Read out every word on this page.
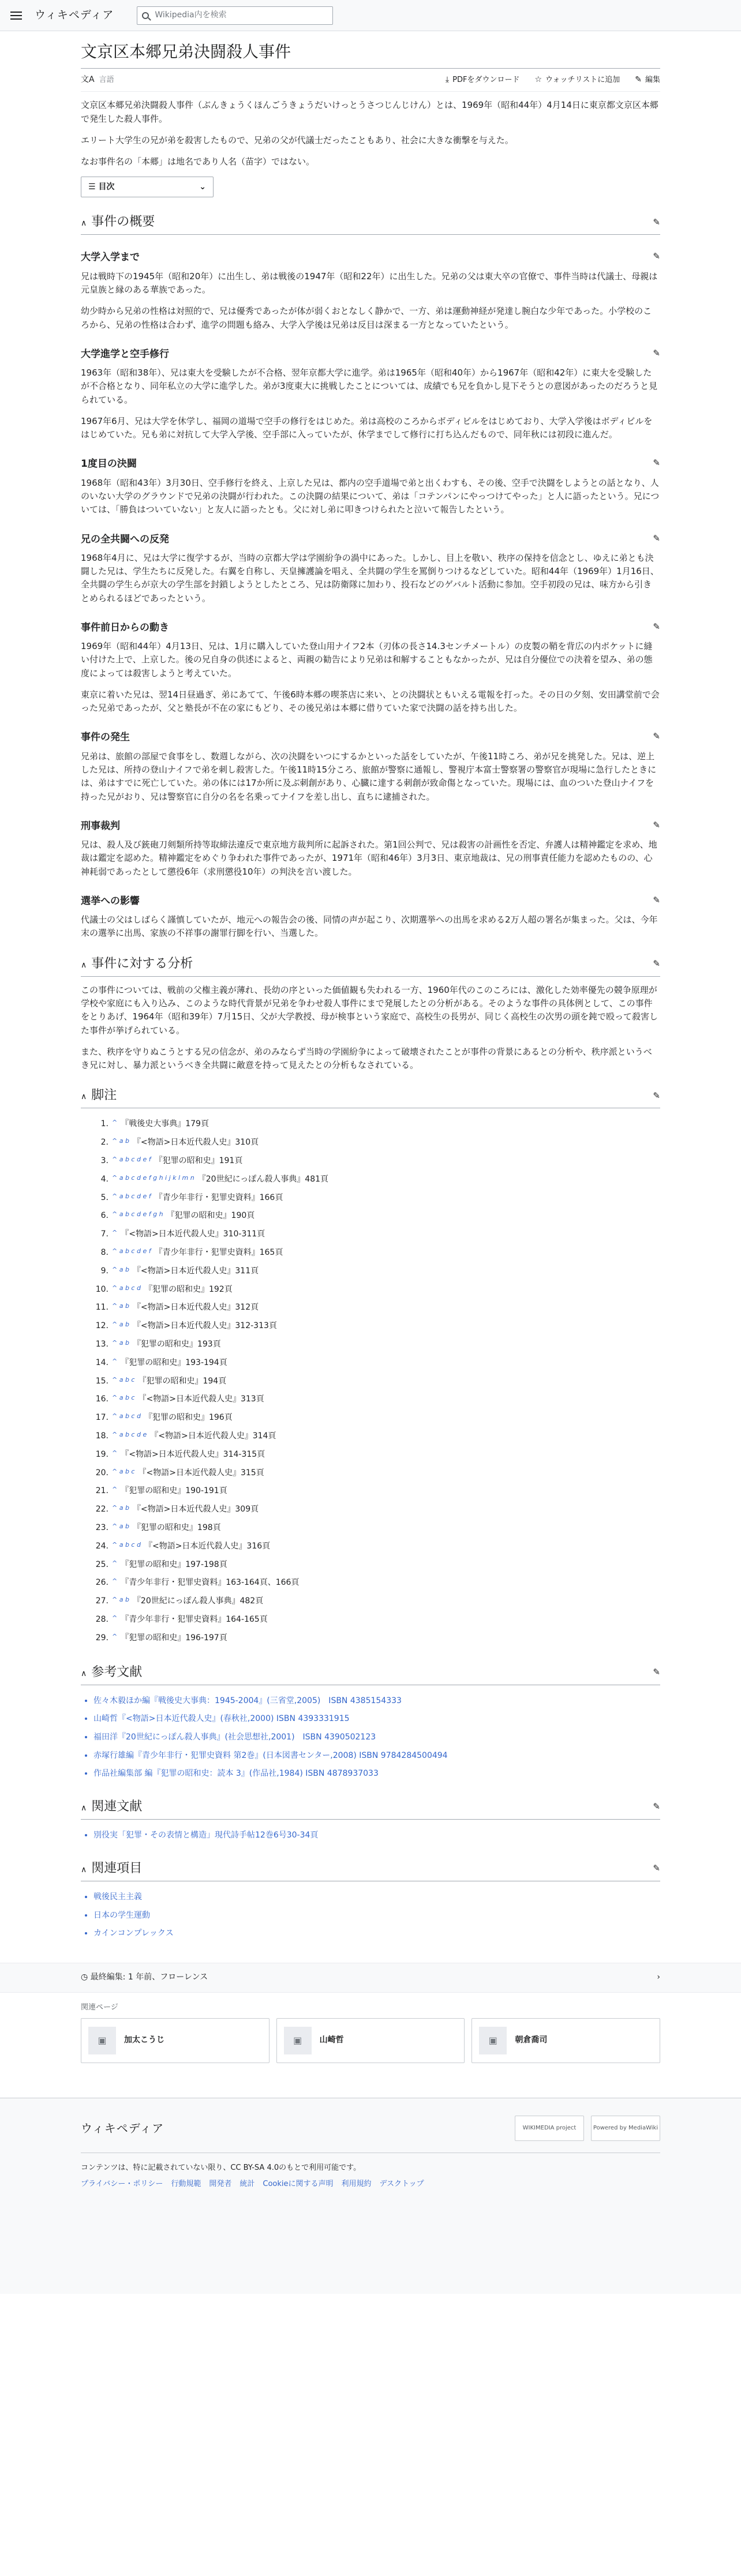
ウィキペディア	Wikipedia内を検索
文京区本郷兄弟決闘殺人事件
文A 言語	⤓ PDFをダウンロード ☆ ウォッチリストに追加 ✎ 編集

文京区本郷兄弟決闘殺人事件（ぶんきょうくほんごうきょうだいけっとうさつじんじけん）とは、1969年（昭和44年）4月14日に東京都文京区本郷で発生した殺人事件。

エリート大学生の兄が弟を殺害したもので、兄弟の父が代議士だったこともあり、社会に大きな衝撃を与えた。

なお事件名の「本郷」は地名であり人名（苗字）ではない。

☰ 目次	⌄
∧ 事件の概要	✎
大学入学まで	✎

兄は戦時下の1945年（昭和20年）に出生し、弟は戦後の1947年（昭和22年）に出生した。兄弟の父は東大卒の官僚で、事件当時は代議士、母親は元皇族と縁のある華族であった。

幼少時から兄弟の性格は対照的で、兄は優秀であったが体が弱くおとなしく静かで、一方、弟は運動神経が発達し腕白な少年であった。小学校のころから、兄弟の性格は合わず、進学の問題も絡み、大学入学後は兄弟は反目は深まる一方となっていたという。

大学進学と空手修行	✎

1963年（昭和38年）、兄は東大を受験したが不合格、翌年京都大学に進学。弟は1965年（昭和40年）から1967年（昭和42年）に東大を受験したが不合格となり、同年私立の大学に進学した。弟が3度東大に挑戦したことについては、成績でも兄を負かし見下そうとの意図があったのだろうと見られている。

1967年6月、兄は大学を休学し、福岡の道場で空手の修行をはじめた。弟は高校のころからボディビルをはじめており、大学入学後はボディビルをはじめていた。兄も弟に対抗して大学入学後、空手部に入っていたが、休学までして修行に打ち込んだもので、同年秋には初段に進んだ。

1度目の決闘	✎

1968年（昭和43年）3月30日、空手修行を終え、上京した兄は、都内の空手道場で弟と出くわすも、その後、空手で決闘をしようとの話となり、人のいない大学のグラウンドで兄弟の決闘が行われた。この決闘の結果について、弟は「コテンパンにやっつけてやった」と人に語ったという。兄については、「勝負はついていない」と友人に語ったとも。父に対し弟に叩きつけられたと泣いて報告したという。

兄の全共闘への反発	✎

1968年4月に、兄は大学に復学するが、当時の京都大学は学園紛争の渦中にあった。しかし、目上を敬い、秩序の保持を信念とし、ゆえに弟とも決闘した兄は、学生たちに反発した。右翼を自称し、天皇擁護論を唱え、全共闘の学生を罵倒りつけるなどしていた。昭和44年（1969年）1月16日、全共闘の学生らが京大の学生部を封鎖しようとしたところ、兄は防衛隊に加わり、投石などのゲバルト活動に参加。空手初段の兄は、味方から引きとめられるほどであったという。

事件前日からの動き	✎

1969年（昭和44年）4月13日、兄は、1月に購入していた登山用ナイフ2本（刃体の長さ14.3センチメートル）の皮製の鞘を背広の内ポケットに縫い付けた上で、上京した。後の兄自身の供述によると、両親の勧告により兄弟は和解することもなかったが、兄は自分優位での決着を望み、弟の態度によっては殺害しようと考えていた。

東京に着いた兄は、翌14日昼過ぎ、弟にあてて、午後6時本郷の喫茶店に来い、との決闘状ともいえる電報を打った。その日の夕刻、安田講堂前で会った兄弟であったが、父と塾長が不在の家にもどり、その後兄弟は本郷に借りていた家で決闘の話を持ち出した。

事件の発生	✎

兄弟は、旅館の部屋で食事をし、数週しながら、次の決闘をいつにするかといった話をしていたが、午後11時ころ、弟が兄を挑発した。兄は、逆上した兄は、所持の登山ナイフで弟を刺し殺害した。午後11時15分ころ、旅館が警察に通報し、警視庁本富士警察署の警察官が現場に急行したときには、弟はすでに死亡していた。弟の体には17か所に及ぶ刺創があり、心臓に達する刺創が致命傷となっていた。現場には、血のついた登山ナイフを持った兄がおり、兄は警察官に自分の名を名乗ってナイフを差し出し、直ちに逮捕された。

刑事裁判	✎

兄は、殺人及び銃砲刀剣類所持等取締法違反で東京地方裁判所に起訴された。第1回公判で、兄は殺害の計画性を否定、弁護人は精神鑑定を求め、地裁は鑑定を認めた。精神鑑定をめぐり争われた事件であったが、1971年（昭和46年）3月3日、東京地裁は、兄の刑事責任能力を認めたものの、心神耗弱であったとして懲役6年（求刑懲役10年）の判決を言い渡した。

選挙への影響	✎

代議士の父はしばらく謹慎していたが、地元への報告会の後、同情の声が起こり、次期選挙への出馬を求める2万人超の署名が集まった。父は、今年末の選挙に出馬、家族の不祥事の謝罪行脚を行い、当選した。

∧ 事件に対する分析	✎

この事件については、戦前の父権主義が薄れ、長幼の序といった価値観も失われる一方、1960年代のこのころには、激化した効率優先の競争原理が学校や家庭にも入り込み、このような時代背景が兄弟を争わせ殺人事件にまで発展したとの分析がある。そのような事件の具体例として、この事件をとりあげ、1964年（昭和39年）7月15日、父が大学教授、母が検事という家庭で、高校生の長男が、同じく高校生の次男の頭を鈍で殴って殺害した事件が挙げられている。

また、秩序を守りぬこうとする兄の信念が、弟のみならず当時の学園紛争によって破壊されたことが事件の背景にあるとの分析や、秩序派というべき兄に対し、暴力派というべき全共闘に敵意を持って見えたとの分析もなされている。

∧ 脚注	✎
1. ^ 『戦後史大事典』179頁
2. ^ a b 『<物語>日本近代殺人史』310頁
3. ^ a b c d e f 『犯罪の昭和史』191頁
4. ^ a b c d e f g h i j k l m n 『20世紀にっぽん殺人事典』481頁
5. ^ a b c d e f 『青少年非行・犯罪史資料』166頁
6. ^ a b c d e f g h 『犯罪の昭和史』190頁
7. ^ 『<物語>日本近代殺人史』310-311頁
8. ^ a b c d e f 『青少年非行・犯罪史資料』165頁
9. ^ a b 『<物語>日本近代殺人史』311頁
10. ^ a b c d 『犯罪の昭和史』192頁
11. ^ a b 『<物語>日本近代殺人史』312頁
12. ^ a b 『<物語>日本近代殺人史』312-313頁
13. ^ a b 『犯罪の昭和史』193頁
14. ^ 『犯罪の昭和史』193-194頁
15. ^ a b c 『犯罪の昭和史』194頁
16. ^ a b c 『<物語>日本近代殺人史』313頁
17. ^ a b c d 『犯罪の昭和史』196頁
18. ^ a b c d e 『<物語>日本近代殺人史』314頁
19. ^ 『<物語>日本近代殺人史』314-315頁
20. ^ a b c 『<物語>日本近代殺人史』315頁
21. ^ 『犯罪の昭和史』190-191頁
22. ^ a b 『<物語>日本近代殺人史』309頁
23. ^ a b 『犯罪の昭和史』198頁
24. ^ a b c d 『<物語>日本近代殺人史』316頁
25. ^ 『犯罪の昭和史』197-198頁
26. ^ 『青少年非行・犯罪史資料』163-164頁、166頁
27. ^ a b 『20世紀にっぽん殺人事典』482頁
28. ^ 『青少年非行・犯罪史資料』164-165頁
29. ^ 『犯罪の昭和史』196-197頁
∧ 参考文献	✎
• 佐々木毅ほか編『戦後史大事典：1945-2004』(三省堂,2005)　ISBN 4385154333
• 山崎哲『<物語>日本近代殺人史』(春秋社,2000) ISBN 4393331915
• 福田洋『20世紀にっぽん殺人事典』(社会思想社,2001)　ISBN 4390502123
• 赤塚行雄編『青少年非行・犯罪史資料 第2巻』(日本図書センター,2008) ISBN 9784284500494
• 作品社編集部 編『犯罪の昭和史：読本 3』(作品社,1984) ISBN 4878937033
∧ 関連文献	✎
• 別役実「犯罪・その表情と構造」現代詩手帖12巻6号30-34頁
∧ 関連項目	✎
• 戦後民主主義
• 日本の学生運動
• カインコンプレックス
◷ 最終編集: 1 年前、フローレンス	›
関連ページ
▣	加太こうじ	▣	山崎哲	▣	朝倉喬司
ウィキペディア	WIKIMEDIA project	Powered by MediaWiki
コンテンツは、特に記載されていない限り、CC BY-SA 4.0のもとで利用可能です。
プライバシー・ポリシー 行動規範 開発者 統計 Cookieに関する声明 利用規約 デスクトップ
